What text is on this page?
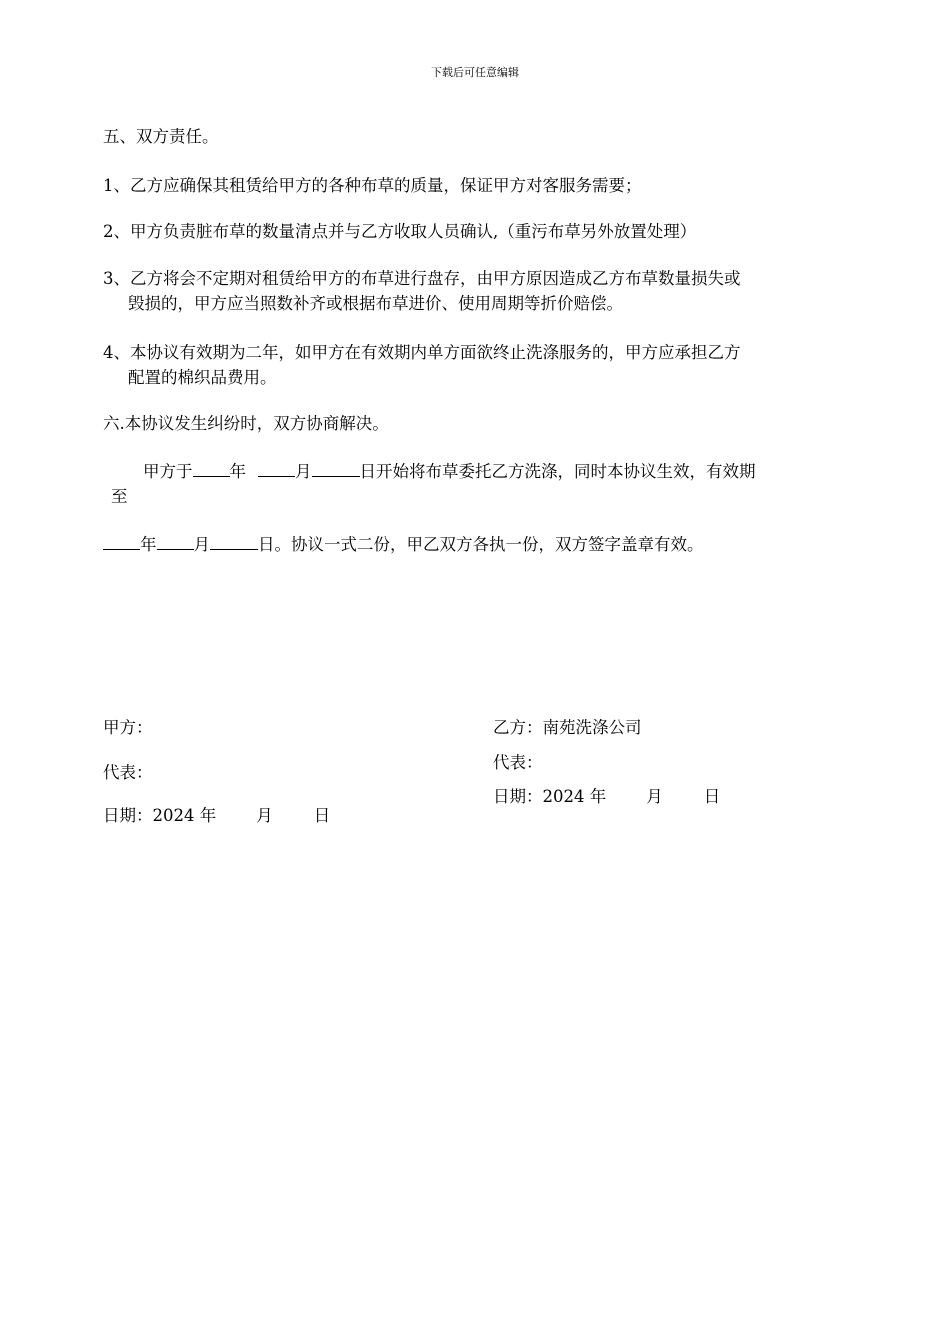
下载后可任意编辑
五、双方责任。
1、乙方应确保其租赁给甲方的各种布草的质量，保证甲方对客服务需要；
2、甲方负责脏布草的数量清点并与乙方收取人员确认,（重污布草另外放置处理）
3、乙方将会不定期对租赁给甲方的布草进行盘存，由甲方原因造成乙方布草数量损失或
毁损的，甲方应当照数补齐或根据布草进价、使用周期等折价赔偿。
4、本协议有效期为二年，如甲方在有效期内单方面欲终止洗涤服务的，甲方应承担乙方
配置的棉织品费用。
六.本协议发生纠纷时，双方协商解决。
甲方于 年	月	日开始将布草委托乙方洗涤，同时本协议生效，有效期
至
年 月	日。协议一式二份，甲乙双方各执一份，双方签字盖章有效。
甲方：
代表：
日期：2024 年 月 日
乙方：南苑洗涤公司
代表：
日期：2024 年 月 日
